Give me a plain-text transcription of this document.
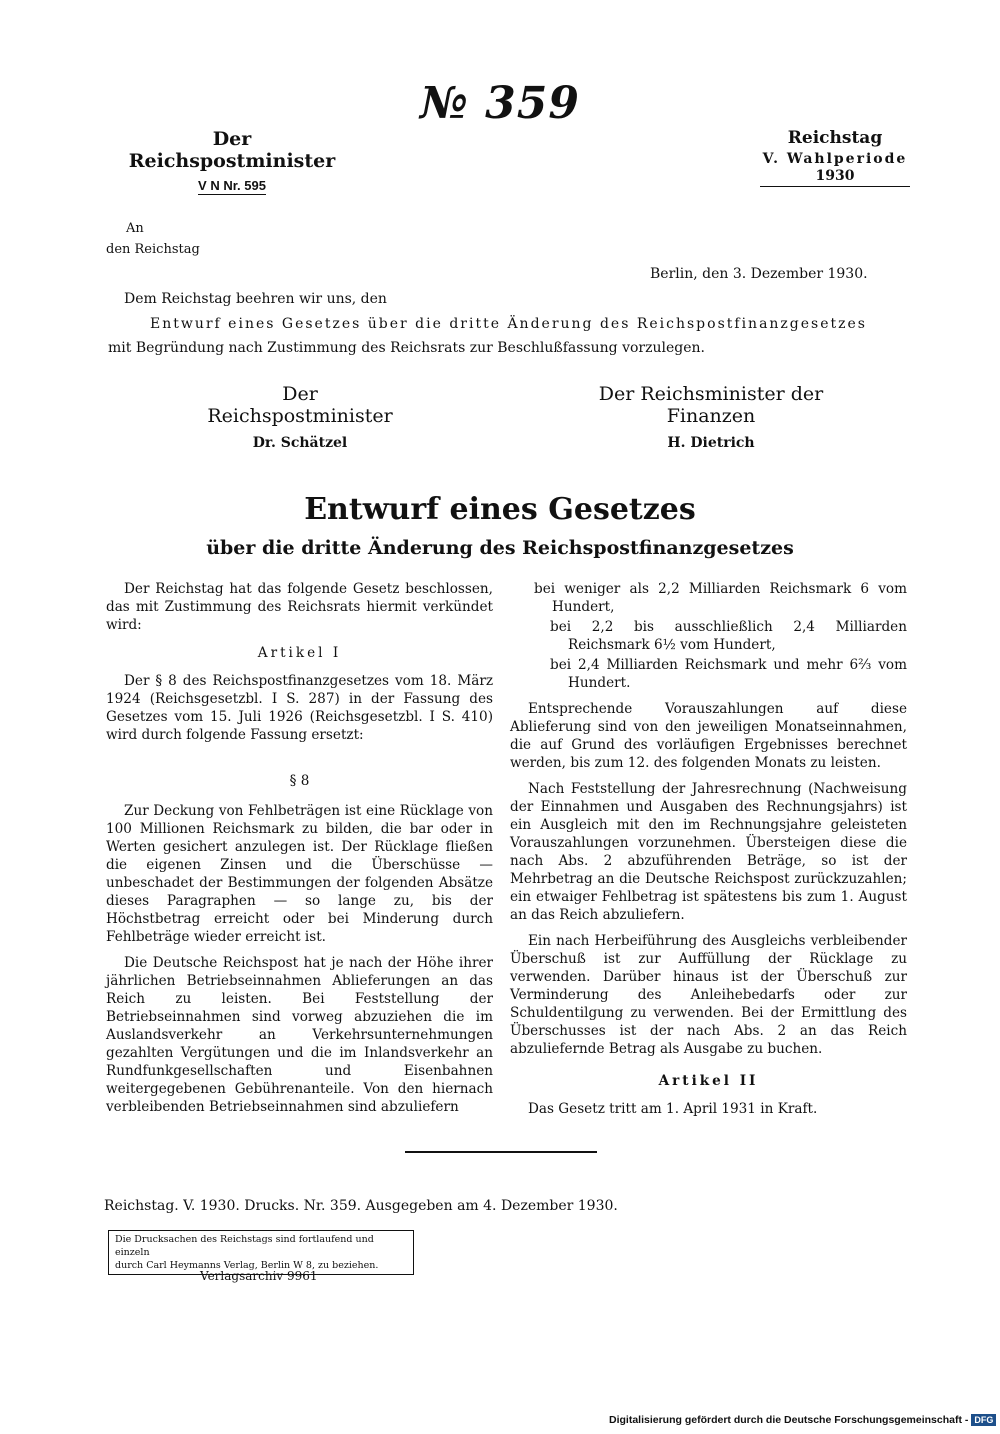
№ 359
Der Reichspostminister
V N Nr. 595
Reichstag
V. Wahlperiode
1930
An
den Reichstag
Berlin, den 3. Dezember 1930.
Dem Reichstag beehren wir uns, den
Entwurf eines Gesetzes über die dritte Änderung des Reichspostfinanzgesetzes
mit Begründung nach Zustimmung des Reichsrats zur Beschlußfassung vorzulegen.
Der Reichspostminister
Dr. Schätzel
Der Reichsminister der Finanzen
H. Dietrich
Entwurf eines Gesetzes
über die dritte Änderung des Reichspostfinanzgesetzes

Der Reichstag hat das folgende Gesetz beschlossen, das mit Zustimmung des Reichsrats hiermit verkündet wird:

Artikel I

Der § 8 des Reichspostfinanzgesetzes vom 18. März 1924 (Reichsgesetzbl. I S. 287) in der Fassung des Gesetzes vom 15. Juli 1926 (Reichsgesetzbl. I S. 410) wird durch folgende Fassung ersetzt:

§ 8

Zur Deckung von Fehlbeträgen ist eine Rücklage von 100 Millionen Reichsmark zu bilden, die bar oder in Werten gesichert anzulegen ist. Der Rücklage fließen die eigenen Zinsen und die Überschüsse — unbeschadet der Bestimmungen der folgenden Absätze dieses Paragraphen — so lange zu, bis der Höchstbetrag erreicht oder bei Minderung durch Fehlbeträge wieder erreicht ist.

Die Deutsche Reichspost hat je nach der Höhe ihrer jährlichen Betriebseinnahmen Ablieferungen an das Reich zu leisten. Bei Feststellung der Betriebseinnahmen sind vorweg abzuziehen die im Auslandsverkehr an Verkehrsunternehmungen gezahlten Vergütungen und die im Inlandsverkehr an Rundfunkgesellschaften und Eisenbahnen weitergegebenen Gebührenanteile. Von den hiernach verbleibenden Betriebseinnahmen sind abzuliefern

bei weniger als 2,2 Milliarden Reichsmark 6 vom Hundert,

bei 2,2 bis ausschließlich 2,4 Milliarden Reichsmark 6½ vom Hundert,

bei 2,4 Milliarden Reichsmark und mehr 6⅔ vom Hundert.

Entsprechende Vorauszahlungen auf diese Ablieferung sind von den jeweiligen Monatseinnahmen, die auf Grund des vorläufigen Ergebnisses berechnet werden, bis zum 12. des folgenden Monats zu leisten.

Nach Feststellung der Jahresrechnung (Nachweisung der Einnahmen und Ausgaben des Rechnungsjahrs) ist ein Ausgleich mit den im Rechnungsjahre geleisteten Vorauszahlungen vorzunehmen. Übersteigen diese die nach Abs. 2 abzuführenden Beträge, so ist der Mehrbetrag an die Deutsche Reichspost zurückzuzahlen; ein etwaiger Fehlbetrag ist spätestens bis zum 1. August an das Reich abzuliefern.

Ein nach Herbeiführung des Ausgleichs verbleibender Überschuß ist zur Auffüllung der Rücklage zu verwenden. Darüber hinaus ist der Überschuß zur Verminderung des Anleihebedarfs oder zur Schuldentilgung zu verwenden. Bei der Ermittlung des Überschusses ist der nach Abs. 2 an das Reich abzuliefernde Betrag als Ausgabe zu buchen.

Artikel II

Das Gesetz tritt am 1. April 1931 in Kraft.

Reichstag. V. 1930. Drucks. Nr. 359. Ausgegeben am 4. Dezember 1930.
Die Drucksachen des Reichstags sind fortlaufend und einzeln
durch Carl Heymanns Verlag, Berlin W 8, zu beziehen.
Verlagsarchiv 9961
Digitalisierung gefördert durch die Deutsche Forschungsgemeinschaft - DFG
